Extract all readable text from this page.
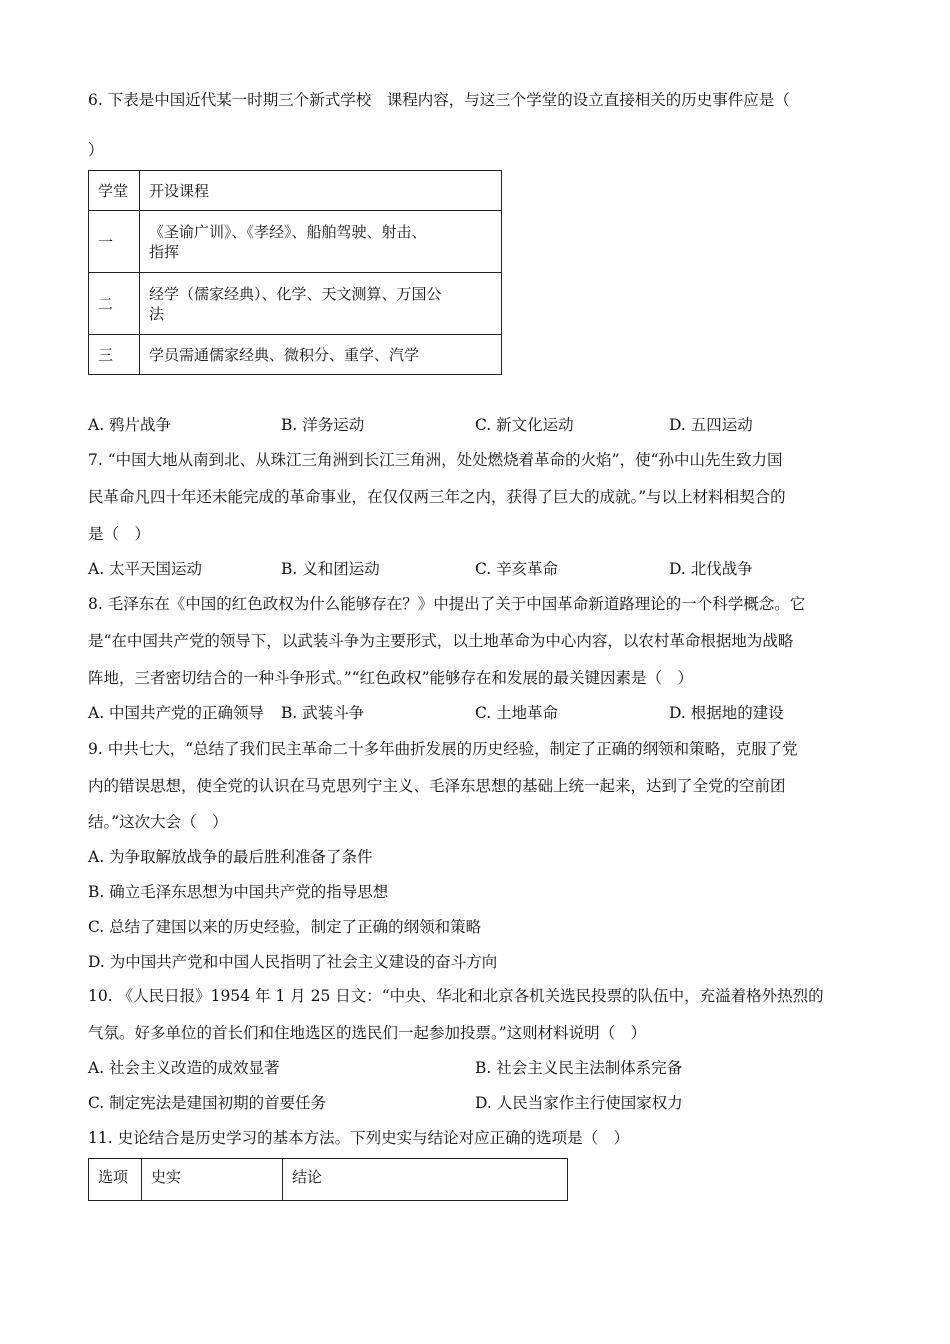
6. 下表是中国近代某一时期三个新式学校　课程内容，与这三个学堂的设立直接相关的历史事件应是（
）
学堂	开设课程
一	《圣谕广训》、《孝经》、船舶驾驶、射击、
指挥

二	经学（儒家经典）、化学、天文测算、万国公
法

三	学员需通儒家经典、微积分、重学、汽学
A. 鸦片战争	B. 洋务运动	C. 新文化运动	D. 五四运动
7. “中国大地从南到北、从珠江三角洲到长江三角洲，处处燃烧着革命的火焰”，使“孙中山先生致力国
民革命凡四十年还未能完成的革命事业，在仅仅两三年之内，获得了巨大的成就。”与以上材料相契合的
是（　）
A. 太平天国运动	B. 义和团运动	C. 辛亥革命	D. 北伐战争
8. 毛泽东在《中国的红色政权为什么能够存在？》中提出了关于中国革命新道路理论的一个科学概念。它
是“在中国共产党的领导下，以武装斗争为主要形式，以土地革命为中心内容，以农村革命根据地为战略
阵地，三者密切结合的一种斗争形式。”“红色政权”能够存在和发展的最关键因素是（　）
A. 中国共产党的正确领导 B. 武装斗争	C. 土地革命	D. 根据地的建设
9. 中共七大，“总结了我们民主革命二十多年曲折发展的历史经验，制定了正确的纲领和策略，克服了党
内的错误思想，使全党的认识在马克思列宁主义、毛泽东思想的基础上统一起来，达到了全党的空前团
结。”这次大会（　）
A. 为争取解放战争的最后胜利准备了条件
B. 确立毛泽东思想为中国共产党的指导思想
C. 总结了建国以来的历史经验，制定了正确的纲领和策略
D. 为中国共产党和中国人民指明了社会主义建设的奋斗方向
10. 《人民日报》1954 年 1 月 25 日文：“中央、华北和北京各机关选民投票的队伍中，充溢着格外热烈的
气氛。好多单位的首长们和住地选区的选民们一起参加投票。”这则材料说明（　）
A. 社会主义改造的成效显著	B. 社会主义民主法制体系完备
C. 制定宪法是建国初期的首要任务	D. 人民当家作主行使国家权力
11. 史论结合是历史学习的基本方法。下列史实与结论对应正确的选项是（　）
选项	史实	结论
